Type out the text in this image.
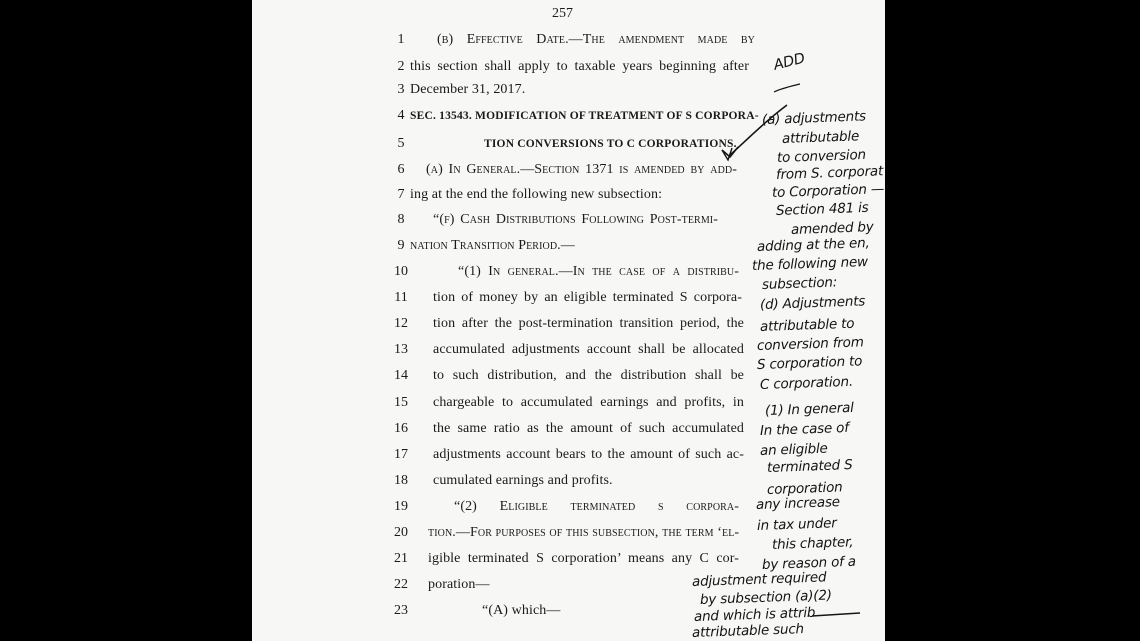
257
1	(b) Effective Date.—The amendment made by
2 this section shall apply to taxable years beginning after
3 December 31, 2017.
4 SEC. 13543. MODIFICATION OF TREATMENT OF S CORPORA-
5	TION CONVERSIONS TO C CORPORATIONS.
6	(a) In General.—Section 1371 is amended by add-
7 ing at the end the following new subsection:
8	“(f) Cash Distributions Following Post-termi-
9 nation Transition Period.—
10	“(1) In general.—In the case of a distribu-
11	tion of money by an eligible terminated S corpora-
12 tion after the post-termination transition period, the
13 accumulated adjustments account shall be allocated
14 to such distribution, and the distribution shall be
15 chargeable to accumulated earnings and profits, in
16 the same ratio as the amount of such accumulated
17 adjustments account bears to the amount of such ac-
18 cumulated earnings and profits.
19	“(2) Eligible terminated s corpora-
20 tion.—For purposes of this subsection, the term ‘el-
21 igible terminated S corporation’ means any C cor-
22 poration—
23	“(A) which—
ADD
(a) adjustments
attributable
to conversion
from S. corporat
to Corporation —
Section 481 is
amended by
adding at the en,
the following new
subsection:
(d) Adjustments
attributable to
conversion from
S corporation to
C corporation.
(1) In general
In the case of
an eligible
terminated S
corporation
any increase
in tax under
this chapter,
by reason of a
adjustment required
by subsection (a)(2)
and which is attrib
attributable such
